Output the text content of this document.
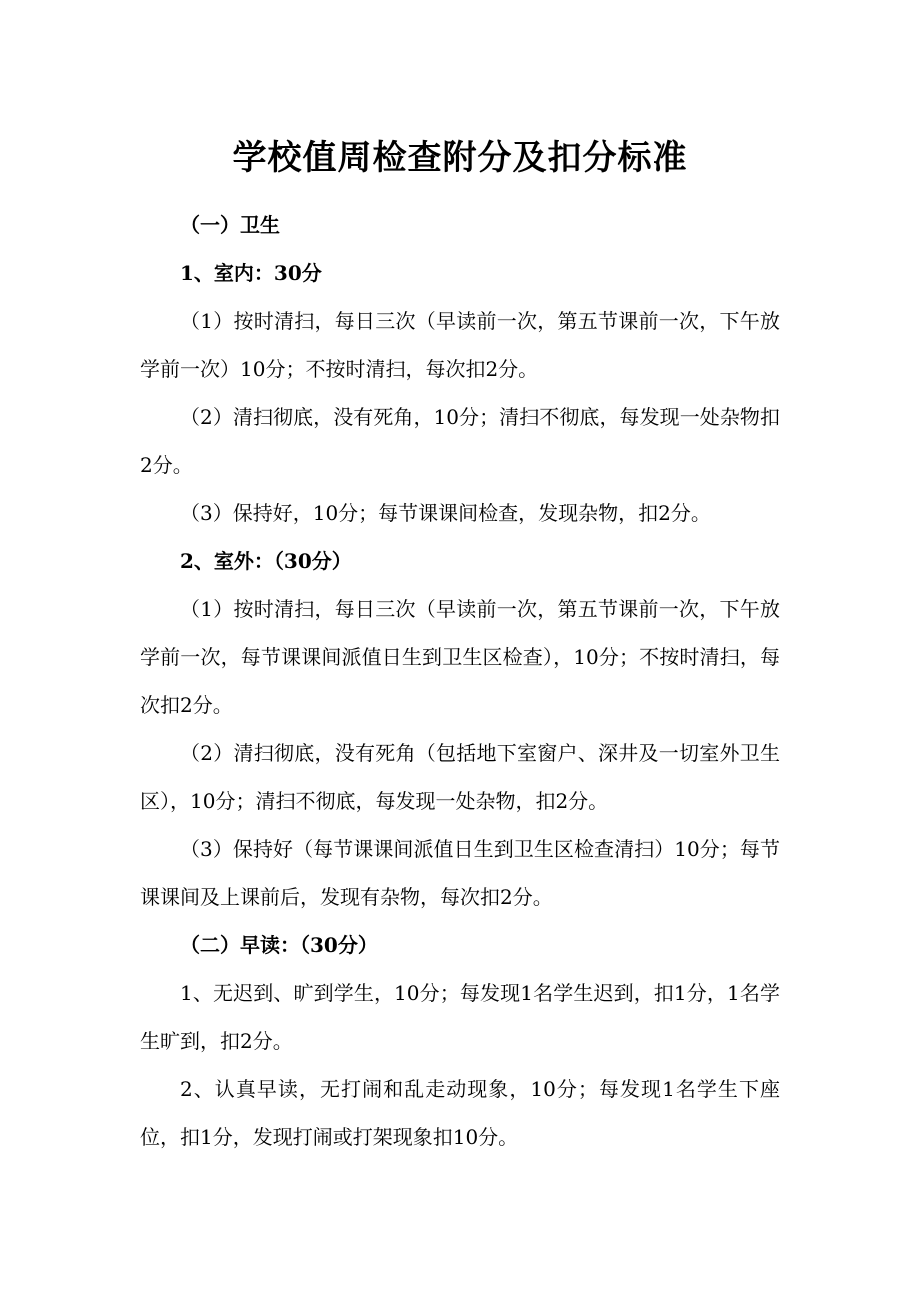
学校值周检查附分及扣分标准

（一）卫生

1、室内：30分

（1）按时清扫，每日三次（早读前一次，第五节课前一次，下午放学前一次）10分；不按时清扫，每次扣2分。

（2）清扫彻底，没有死角，10分；清扫不彻底，每发现一处杂物扣2分。

（3）保持好，10分；每节课课间检查，发现杂物，扣2分。

2、室外：（30分）

（1）按时清扫，每日三次（早读前一次，第五节课前一次，下午放学前一次，每节课课间派值日生到卫生区检查），10分；不按时清扫，每次扣2分。

（2）清扫彻底，没有死角（包括地下室窗户、深井及一切室外卫生区），10分；清扫不彻底，每发现一处杂物，扣2分。

（3）保持好（每节课课间派值日生到卫生区检查清扫）10分；每节课课间及上课前后，发现有杂物，每次扣2分。

（二）早读：（30分）

1、无迟到、旷到学生，10分；每发现1名学生迟到，扣1分，1名学生旷到，扣2分。

2、认真早读，无打闹和乱走动现象，10分；每发现1名学生下座位，扣1分，发现打闹或打架现象扣10分。
